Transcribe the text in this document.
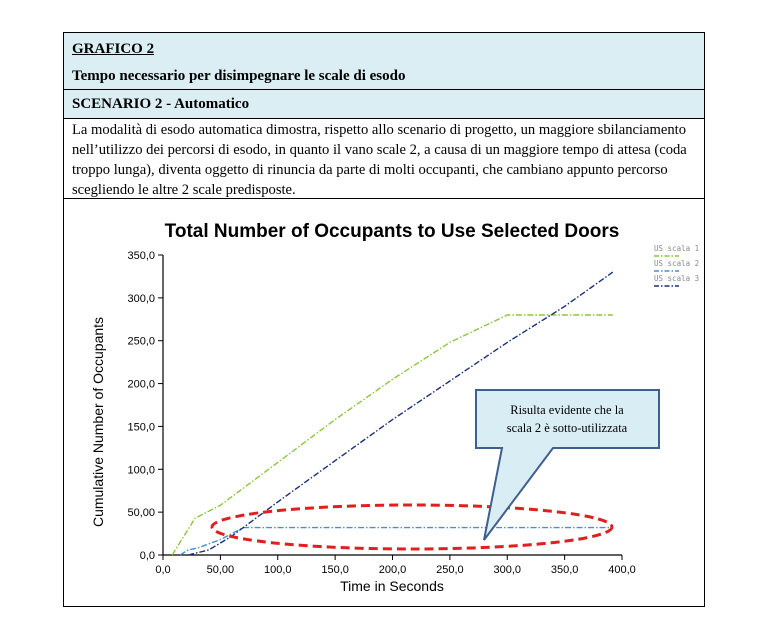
GRAFICO 2
Tempo necessario per disimpegnare le scale di esodo
SCENARIO 2 - Automatico
La modalità di esodo automatica dimostra, rispetto allo scenario di progetto, un maggiore sbilanciamento nell’utilizzo dei percorsi di esodo, in quanto il vano scale 2, a causa di un maggiore tempo di attesa (coda troppo lunga), diventa oggetto di rinuncia da parte di molti occupanti, che cambiano appunto percorso scegliendo le altre 2 scale predisposte.
Total Number of Occupants to Use Selected Doors
0,0
50,00
100,0
150,0
200,0
250,0
300,0
350,0
0,0	50,00	100,0	150,0	200,0	250,0	300,0	350,0	400,0
US scala 1
US scala 2
US scala 3
Time in Seconds
Cumulative Number of Occupants	Risulta evidente che la
scala 2 è sotto-utilizzata
